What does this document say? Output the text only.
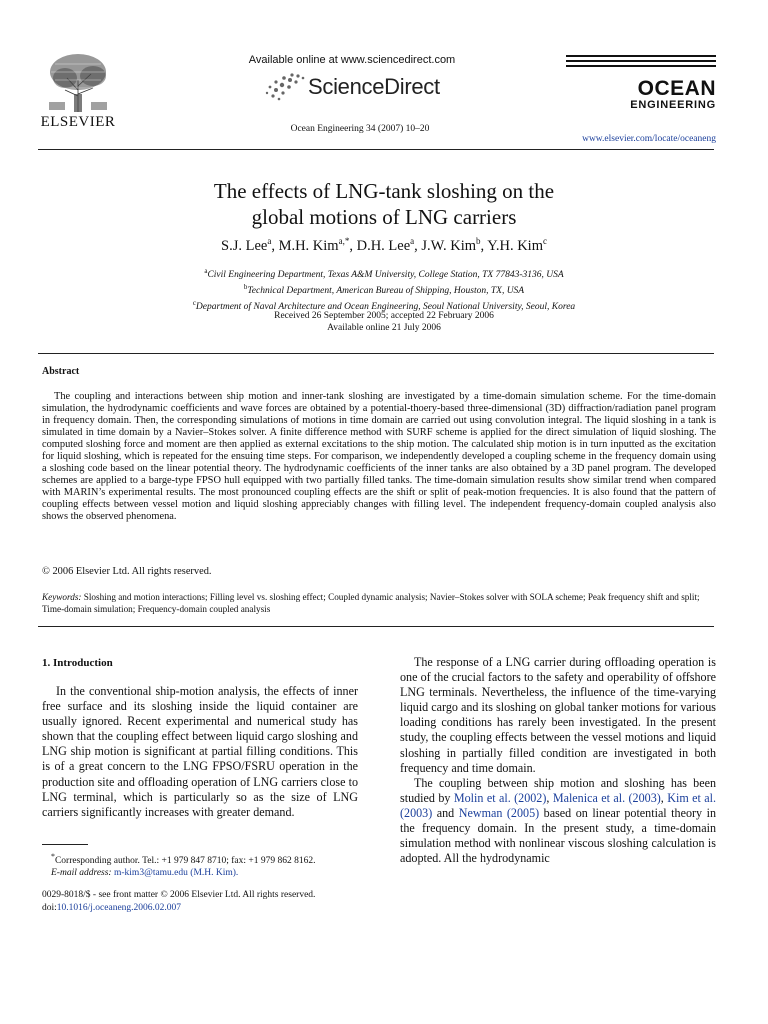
ELSEVIER
Available online at www.sciencedirect.com
ScienceDirect
Ocean Engineering 34 (2007) 10–20
OCEAN
ENGINEERING
www.elsevier.com/locate/oceaneng
The effects of LNG-tank sloshing on the
global motions of LNG carriers
S.J. Lee$^a$, M.H. Kim$^{a,*}$, D.H. Lee$^a$, J.W. Kim$^b$, Y.H. Kim$^c$
$^a$Civil Engineering Department, Texas A&M University, College Station, TX 77843-3136, USA
$^b$Technical Department, American Bureau of Shipping, Houston, TX, USA
$^c$Department of Naval Architecture and Ocean Engineering, Seoul National University, Seoul, Korea
Received 26 September 2005; accepted 22 February 2006
Available online 21 July 2006
Abstract
The coupling and interactions between ship motion and inner-tank sloshing are investigated by a time-domain simulation scheme. For the time-domain simulation, the hydrodynamic coefficients and wave forces are obtained by a potential-thoery-based three-dimensional (3D) diffraction/radiation panel program in frequency domain. Then, the corresponding simulations of motions in time domain are carried out using convolution integral. The liquid sloshing in a tank is simulated in time domain by a Navier–Stokes solver. A finite difference method with SURF scheme is applied for the direct simulation of liquid sloshing. The computed sloshing force and moment are then applied as external excitations to the ship motion. The calculated ship motion is in turn inputted as the excitation for liquid sloshing, which is repeated for the ensuing time steps. For comparison, we independently developed a coupling scheme in the frequency domain using a sloshing code based on the linear potential theory. The hydrodynamic coefficients of the inner tanks are also obtained by a 3D panel program. The developed schemes are applied to a barge-type FPSO hull equipped with two partially filled tanks. The time-domain simulation results show similar trend when compared with MARIN’s experimental results. The most pronounced coupling effects are the shift or split of peak-motion frequencies. It is also found that the pattern of coupling effects between vessel motion and liquid sloshing appreciably changes with filling level. The independent frequency-domain coupled analysis also shows the observed phenomena.
© 2006 Elsevier Ltd. All rights reserved.
Keywords: Sloshing and motion interactions; Filling level vs. sloshing effect; Coupled dynamic analysis; Navier–Stokes solver with SOLA scheme; Peak frequency shift and split; Time-domain simulation; Frequency-domain coupled analysis
1. Introduction

In the conventional ship-motion analysis, the effects of inner free surface and its sloshing inside the liquid container are usually ignored. Recent experimental and numerical study has shown that the coupling effect between liquid cargo sloshing and LNG ship motion is significant at partial filling conditions. This is of a great concern to the LNG FPSO/FSRU operation in the production site and offloading operation of LNG carriers close to LNG terminal, which is particularly so as the size of LNG carriers significantly increases with greater demand.

The response of a LNG carrier during offloading operation is one of the crucial factors to the safety and operability of offshore LNG terminals. Nevertheless, the influence of the time-varying liquid cargo and its sloshing on global tanker motions for various loading conditions has rarely been investigated. In the present study, the coupling effects between the vessel motions and liquid sloshing in partially filled condition are investigated in both frequency and time domain.

The coupling between ship motion and sloshing has been studied by Molin et al. (2002), Malenica et al. (2003), Kim et al. (2003) and Newman (2005) based on linear potential theory in the frequency domain. In the present study, a time-domain simulation method with nonlinear viscous sloshing calculation is adopted. All the hydrodynamic

*Corresponding author. Tel.: +1 979 847 8710; fax: +1 979 862 8162.
E-mail address: m-kim3@tamu.edu (M.H. Kim).
0029-8018/$ - see front matter © 2006 Elsevier Ltd. All rights reserved.
doi:10.1016/j.oceaneng.2006.02.007
